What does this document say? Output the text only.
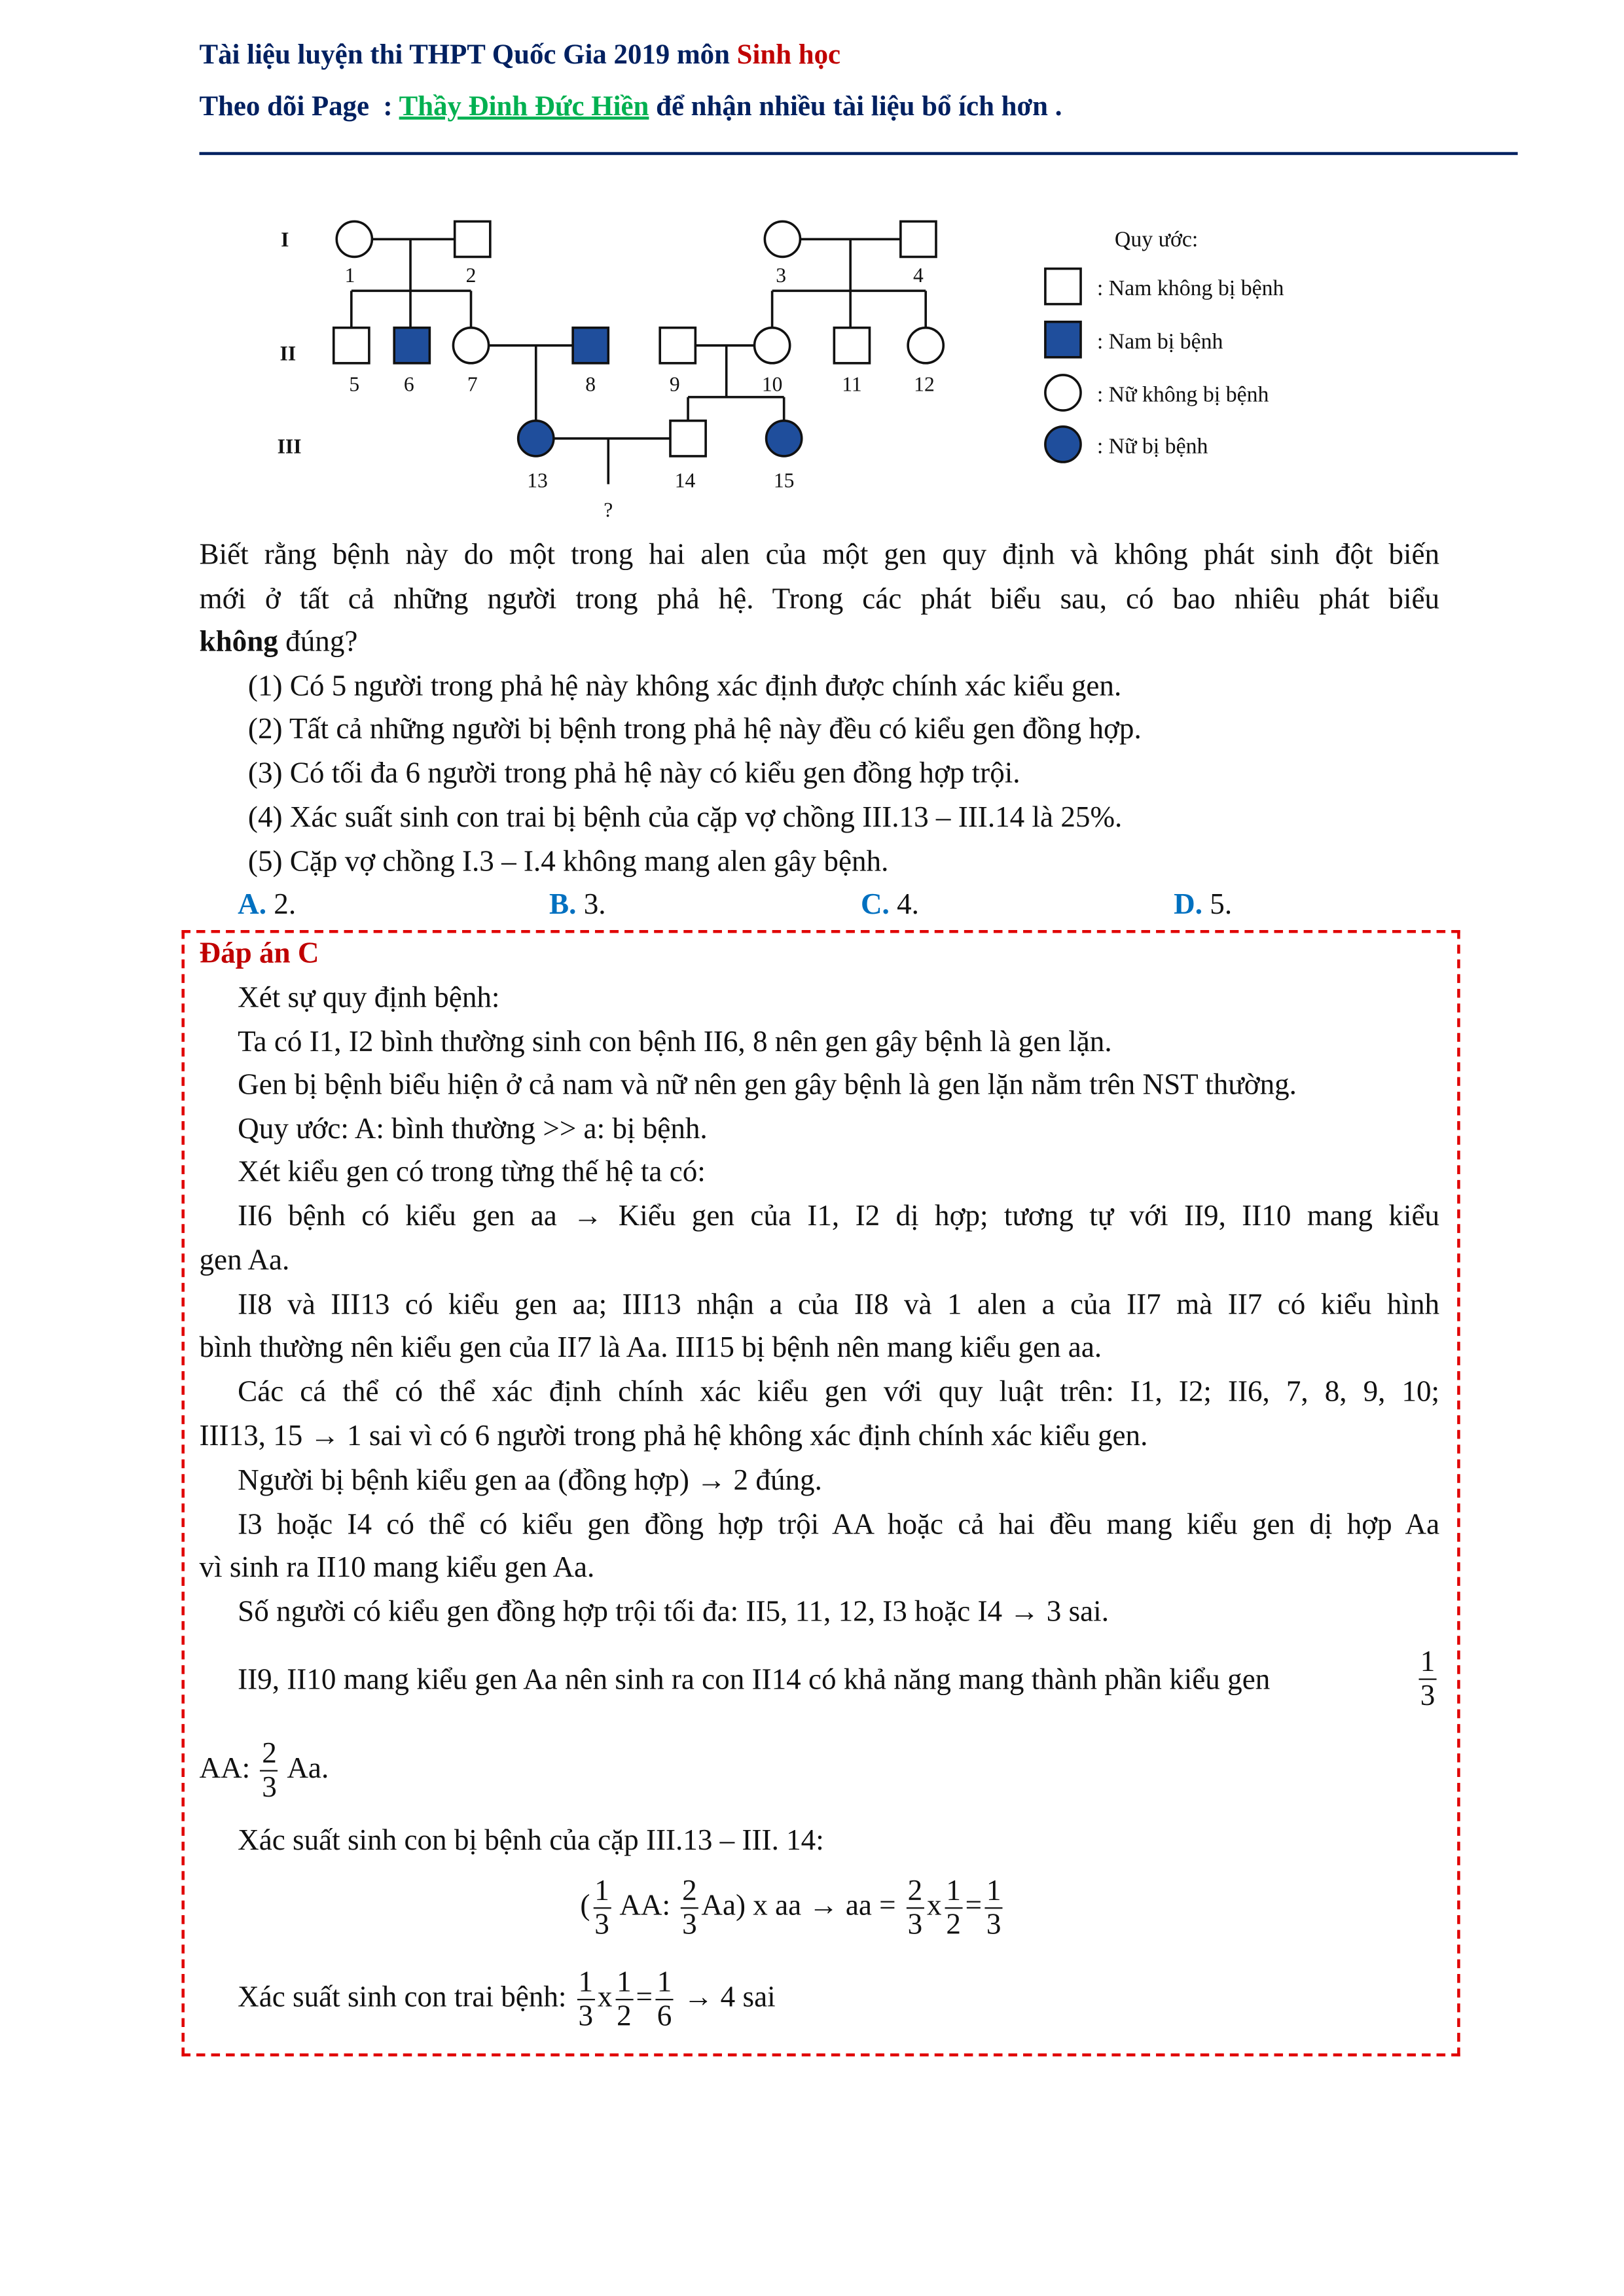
Tài liệu luyện thi THPT Quốc Gia 2019 môn Sinh học
Theo dõi Page  : Thầy Đinh Đức Hiền để nhận nhiều tài liệu bổ ích hơn .
I
II
III
1	2	3	4
5	6	7	8	9	10	11	12
13	14	15
?
Quy ước:
: Nam không bị bệnh
: Nam bị bệnh
: Nữ không bị bệnh
: Nữ bị bệnh
Biết rằng bệnh này do một trong hai alen của một gen quy định và không phát sinh đột biến
mới ở tất cả những người trong phả hệ. Trong các phát biểu sau, có bao nhiêu phát biểu
không đúng?
(1) Có 5 người trong phả hệ này không xác định được chính xác kiểu gen.
(2) Tất cả những người bị bệnh trong phả hệ này đều có kiểu gen đồng hợp.
(3) Có tối đa 6 người trong phả hệ này có kiểu gen đồng hợp trội.
(4) Xác suất sinh con trai bị bệnh của cặp vợ chồng III.13 – III.14 là 25%.
(5) Cặp vợ chồng I.3 – I.4 không mang alen gây bệnh.
A. 2.	B. 3.	C. 4.	D. 5.
Đáp án C
Xét sự quy định bệnh:
Ta có I1, I2 bình thường sinh con bệnh II6, 8 nên gen gây bệnh là gen lặn.
Gen bị bệnh biểu hiện ở cả nam và nữ nên gen gây bệnh là gen lặn nằm trên NST thường.
Quy ước: A: bình thường >> a: bị bệnh.
Xét kiểu gen có trong từng thế hệ ta có:
II6 bệnh có kiểu gen aa → Kiểu gen của I1, I2 dị hợp; tương tự với II9, II10 mang kiểu
gen Aa.
II8 và III13 có kiểu gen aa; III13 nhận a của II8 và 1 alen a của II7 mà II7 có kiểu hình
bình thường nên kiểu gen của II7 là Aa. III15 bị bệnh nên mang kiểu gen aa.
Các cá thể có thể xác định chính xác kiểu gen với quy luật trên: I1, I2; II6, 7, 8, 9, 10;
III13, 15 → 1 sai vì có 6 người trong phả hệ không xác định chính xác kiểu gen.
Người bị bệnh kiểu gen aa (đồng hợp) → 2 đúng.
I3 hoặc I4 có thể có kiểu gen đồng hợp trội AA hoặc cả hai đều mang kiểu gen dị hợp Aa
vì sinh ra II10 mang kiểu gen Aa.
Số người có kiểu gen đồng hợp trội tối đa: II5, 11, 12, I3 hoặc I4 → 3 sai.
II9, II10 mang kiểu gen Aa nên sinh ra con II14 có khả năng mang thành phần kiểu gen	$\frac{1}{3}$
AA: $\frac{2}{3} Aa$.
Xác suất sinh con bị bệnh của cặp III.13 – III. 14:
( $\frac{1}{3}$ AA: $\frac{2}{3} Aa$) x aa → aa = $\frac{2}{3}$ x $\frac{1}{2} = \frac{1}{3}$
Xác suất sinh con trai bệnh: $\frac{1}{3}$ x $\frac{1}{2} = \frac{1}{6} \to 4$ sai
